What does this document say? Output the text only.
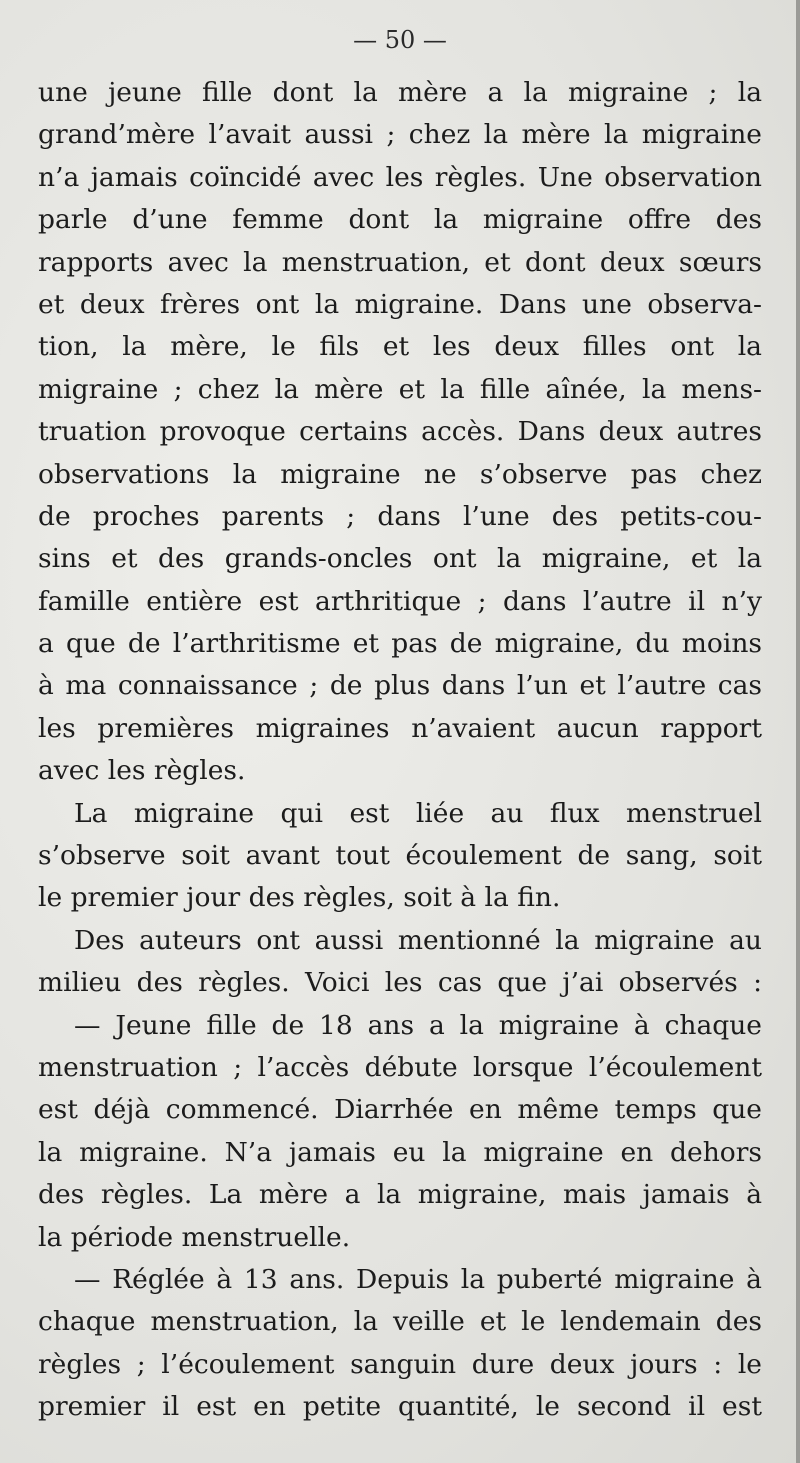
— 50 —
une jeune fille dont la mère a la migraine ; la
grand’mère l’avait aussi ; chez la mère la migraine
n’a jamais coïncidé avec les règles. Une observation
parle d’une femme dont la migraine offre des
rapports avec la menstruation, et dont deux sœurs
et deux frères ont la migraine. Dans une observa-
tion, la mère, le fils et les deux filles ont la
migraine ; chez la mère et la fille aînée, la mens-
truation provoque certains accès. Dans deux autres
observations la migraine ne s’observe pas chez
de proches parents ; dans l’une des petits-cou-
sins et des grands-oncles ont la migraine, et la
famille entière est arthritique ; dans l’autre il n’y
a que de l’arthritisme et pas de migraine, du moins
à ma connaissance ; de plus dans l’un et l’autre cas
les premières migraines n’avaient aucun rapport
avec les règles.
La migraine qui est liée au flux menstruel
s’observe soit avant tout écoulement de sang, soit
le premier jour des règles, soit à la fin.
Des auteurs ont aussi mentionné la migraine au
milieu des règles. Voici les cas que j’ai observés :
— Jeune fille de 18 ans a la migraine à chaque
menstruation ; l’accès débute lorsque l’écoulement
est déjà commencé. Diarrhée en même temps que
la migraine. N’a jamais eu la migraine en dehors
des règles. La mère a la migraine, mais jamais à
la période menstruelle.
— Réglée à 13 ans. Depuis la puberté migraine à
chaque menstruation, la veille et le lendemain des
règles ; l’écoulement sanguin dure deux jours : le
premier il est en petite quantité, le second il est
